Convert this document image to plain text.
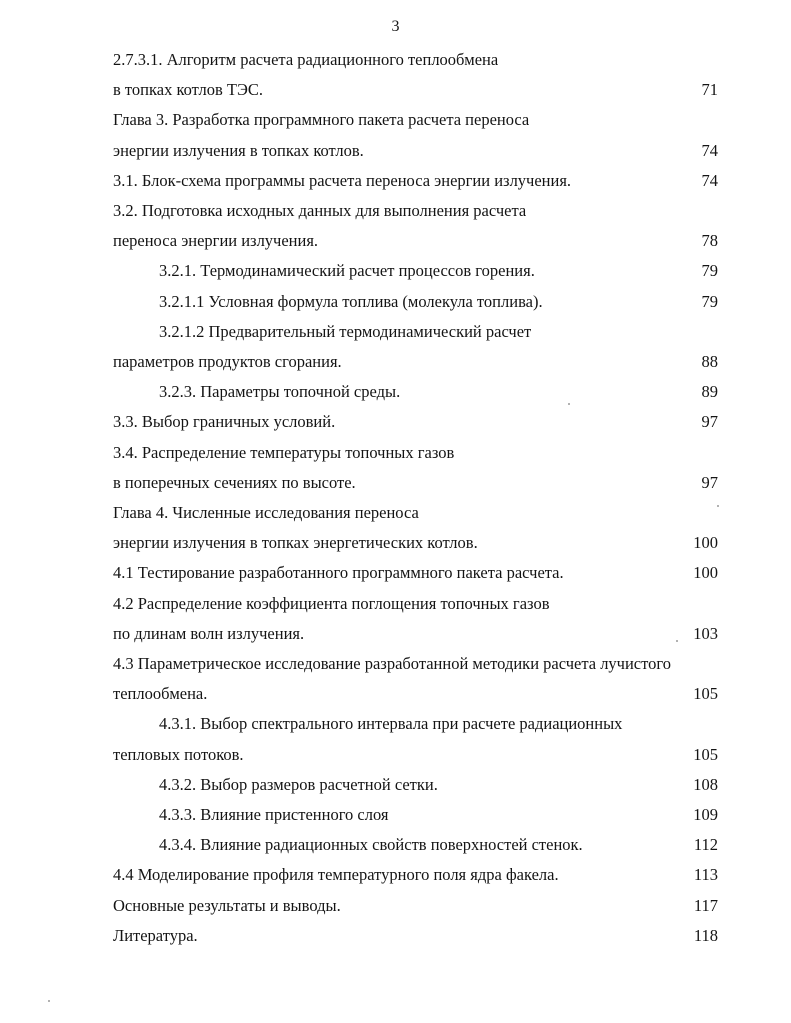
3
2.7.3.1. Алгоритм расчета радиационного теплообмена
в топках котлов ТЭС.	71
Глава 3. Разработка программного пакета расчета переноса
энергии излучения в топках котлов.	74
3.1. Блок-схема программы расчета переноса энергии излучения.	74
3.2. Подготовка исходных данных для выполнения расчета
переноса энергии излучения.	78
3.2.1. Термодинамический расчет процессов горения.	79
3.2.1.1 Условная формула топлива (молекула топлива).	79
3.2.1.2 Предварительный термодинамический расчет
параметров продуктов сгорания.	88
3.2.3. Параметры топочной среды.	89
3.3. Выбор граничных условий.	97
3.4. Распределение температуры топочных газов
в поперечных сечениях по высоте.	97
Глава 4. Численные исследования переноса
энергии излучения в топках энергетических котлов.	100
4.1 Тестирование разработанного программного пакета расчета.	100
4.2 Распределение коэффициента поглощения топочных газов
по длинам волн излучения.	103
4.3 Параметрическое исследование разработанной методики расчета лучистого
теплообмена.	105
4.3.1. Выбор спектрального интервала при расчете радиационных
тепловых потоков.	105
4.3.2. Выбор размеров расчетной сетки.	108
4.3.3. Влияние пристенного слоя	109
4.3.4. Влияние радиационных свойств поверхностей стенок.	112
4.4 Моделирование профиля температурного поля ядра факела.	113
Основные результаты и выводы.	117
Литература.	118
